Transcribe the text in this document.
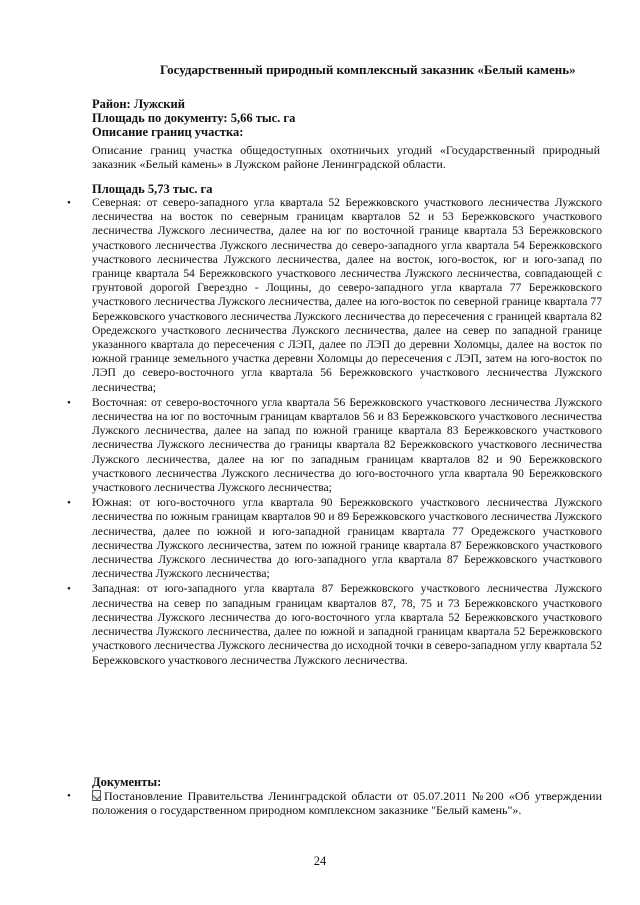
Государственный природный комплексный заказник «Белый камень»
Район: Лужский
Площадь по документу: 5,66 тыс. га
Описание границ участка:
Описание границ участка общедоступных охотничьих угодий «Государственный природный заказник «Белый камень» в Лужском районе Ленинградской области.
Площадь 5,73 тыс. га
• Северная: от северо-западного угла квартала 52 Бережковского участкового лесничества Лужского лесничества на восток по северным границам кварталов 52 и 53 Бережковского участкового лесничества Лужского лесничества, далее на юг по восточной границе квартала 53 Бережковского участкового лесничества Лужского лесничества до северо-западного угла квартала 54 Бережковского участкового лесничества Лужского лесничества, далее на восток, юго-восток, юг и юго-запад по границе квартала 54 Бережковского участкового лесничества Лужского лесничества, совпадающей с грунтовой дорогой Гверездно - Лощины, до северо-западного угла квартала 77 Бережковского участкового лесничества Лужского лесничества, далее на юго-восток по северной границе квартала 77 Бережковского участкового лесничества Лужского лесничества до пересечения с границей квартала 82 Оредежского участкового лесничества Лужского лесничества, далее на север по западной границе указанного квартала до пересечения с ЛЭП, далее по ЛЭП до деревни Холомцы, далее на восток по южной границе земельного участка деревни Холомцы до пересечения с ЛЭП, затем на юго-восток по ЛЭП до северо-восточного угла квартала 56 Бережковского участкового лесничества Лужского лесничества;
• Восточная: от северо-восточного угла квартала 56 Бережковского участкового лесничества Лужского лесничества на юг по восточным границам кварталов 56 и 83 Бережковского участкового лесничества Лужского лесничества, далее на запад по южной границе квартала 83 Бережковского участкового лесничества Лужского лесничества до границы квартала 82 Бережковского участкового лесничества Лужского лесничества, далее на юг по западным границам кварталов 82 и 90 Бережковского участкового лесничества Лужского лесничества до юго-восточного угла квартала 90 Бережковского участкового лесничества Лужского лесничества;
• Южная: от юго-восточного угла квартала 90 Бережковского участкового лесничества Лужского лесничества по южным границам кварталов 90 и 89 Бережковского участкового лесничества Лужского лесничества, далее по южной и юго-западной границам квартала 77 Оредежского участкового лесничества Лужского лесничества, затем по южной границе квартала 87 Бережковского участкового лесничества Лужского лесничества до юго-западного угла квартала 87 Бережковского участкового лесничества Лужского лесничества;
• Западная: от юго-западного угла квартала 87 Бережковского участкового лесничества Лужского лесничества на север по западным границам кварталов 87, 78, 75 и 73 Бережковского участкового лесничества Лужского лесничества до юго-восточного угла квартала 52 Бережковского участкового лесничества Лужского лесничества, далее по южной и западной границам квартала 52 Бережковского участкового лесничества Лужского лесничества до исходной точки в северо-западном углу квартала 52 Бережковского участкового лесничества Лужского лесничества.
Документы:
• Постановление Правительства Ленинградской области от 05.07.2011 №200 «Об утверждении положения о государственном природном комплексном заказнике "Белый камень"».
24
